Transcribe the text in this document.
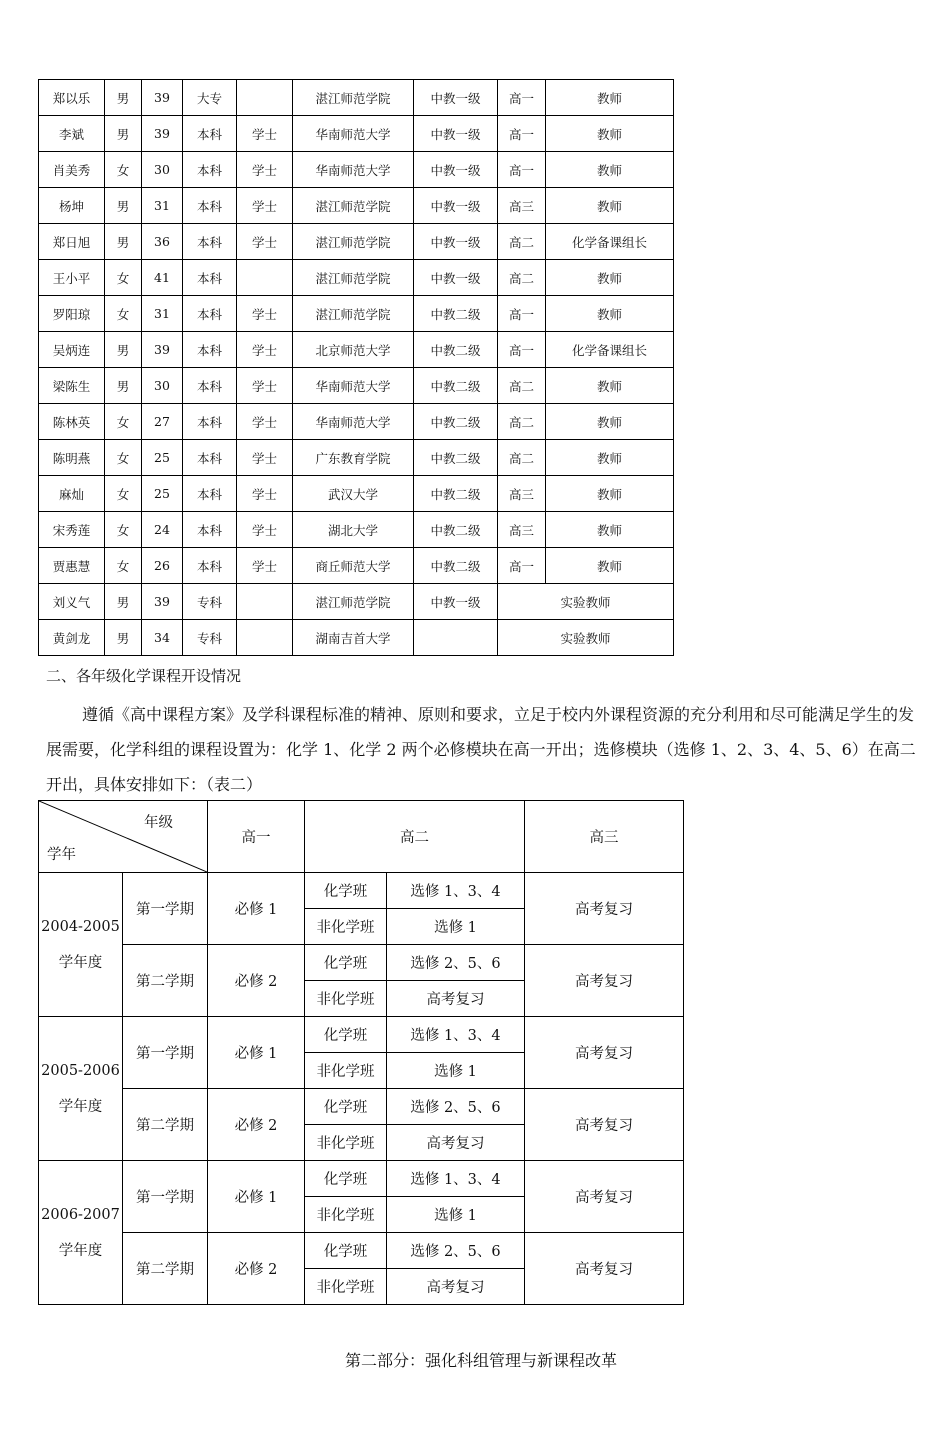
郑以乐	男	39	大专		湛江师范学院	中教一级	高一	教师
李斌	男	39	本科	学士	华南师范大学	中教一级	高一	教师
肖美秀	女	30	本科	学士	华南师范大学	中教一级	高一	教师
杨坤	男	31	本科	学士	湛江师范学院	中教一级	高三	教师
郑日旭	男	36	本科	学士	湛江师范学院	中教一级	高二	化学备课组长
王小平	女	41	本科		湛江师范学院	中教一级	高二	教师
罗阳琼	女	31	本科	学士	湛江师范学院	中教二级	高一	教师
吴炳连	男	39	本科	学士	北京师范大学	中教二级	高一	化学备课组长
梁陈生	男	30	本科	学士	华南师范大学	中教二级	高二	教师
陈林英	女	27	本科	学士	华南师范大学	中教二级	高二	教师
陈明燕	女	25	本科	学士	广东教育学院	中教二级	高二	教师
麻灿	女	25	本科	学士	武汉大学	中教二级	高三	教师
宋秀莲	女	24	本科	学士	湖北大学	中教二级	高三	教师
贾惠慧	女	26	本科	学士	商丘师范大学	中教二级	高一	教师
刘义气	男	39	专科		湛江师范学院	中教一级	实验教师	
黄剑龙	男	34	专科		湖南吉首大学		实验教师	

二、各年级化学课程开设情况

遵循《高中课程方案》及学科课程标准的精神、原则和要求，立足于校内外课程资源的充分利用和尽可能满足学生的发展需要，化学科组的课程设置为：化学 1、化学 2 两个必修模块在高一开出；选修模块（选修 1、2、3、4、5、6）在高二开出，具体安排如下：（表二）

年级
学年		高一	高二		高三

2004-2005
学年度	第一学期	必修 1	化学班	选修 1、3、4	高考复习
			非化学班	选修 1	
	第二学期	必修 2	化学班	选修 2、5、6	高考复习
			非化学班	高考复习	

2005-2006
学年度	第一学期	必修 1	化学班	选修 1、3、4	高考复习
			非化学班	选修 1	
	第二学期	必修 2	化学班	选修 2、5、6	高考复习
			非化学班	高考复习	

2006-2007
学年度	第一学期	必修 1	化学班	选修 1、3、4	高考复习
			非化学班	选修 1	
	第二学期	必修 2	化学班	选修 2、5、6	高考复习
			非化学班	高考复习	

第二部分：强化科组管理与新课程改革
